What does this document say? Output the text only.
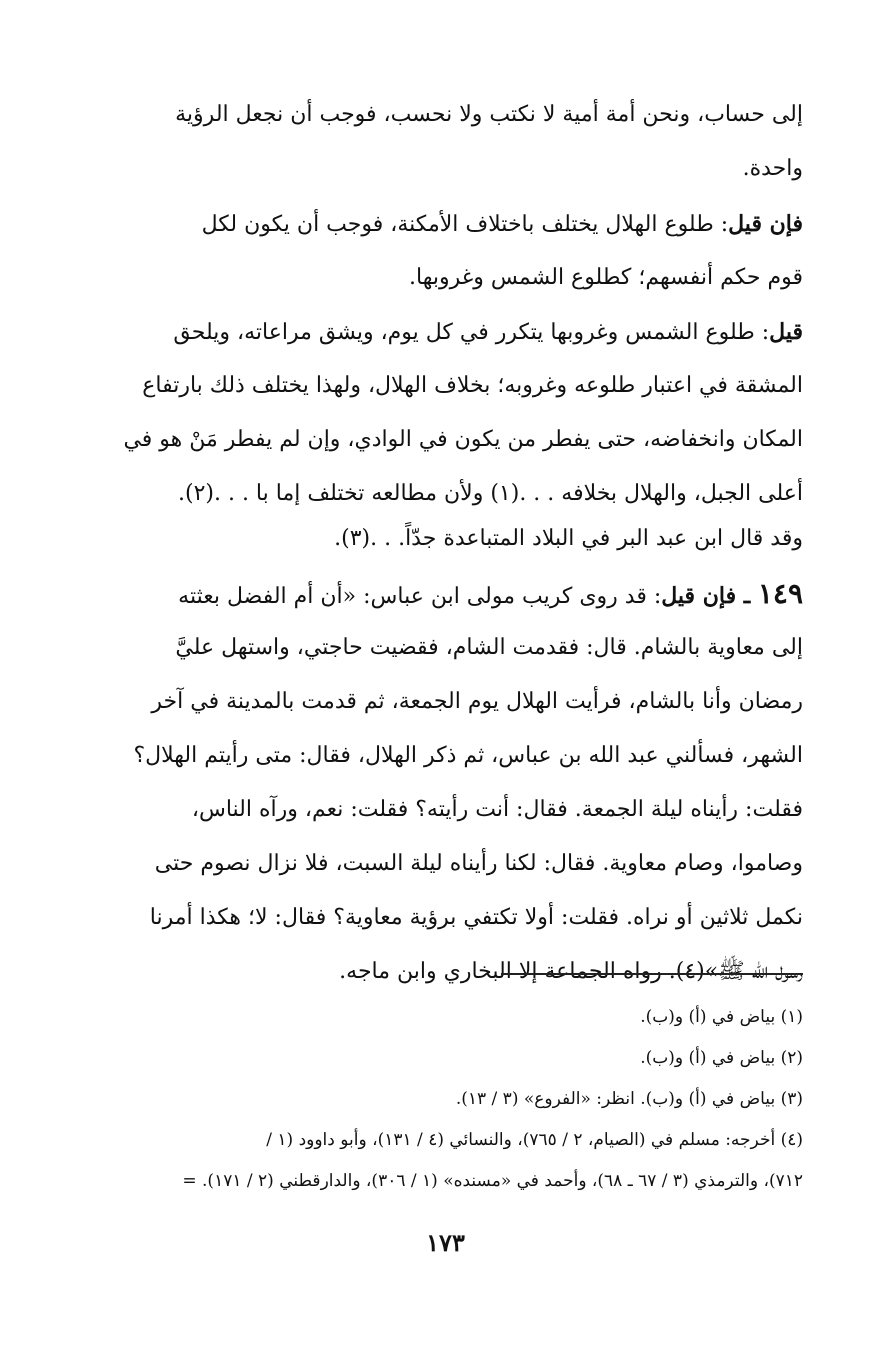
إلى حساب، ونحن أمة أمية لا نكتب ولا نحسب، فوجب أن نجعل الرؤية
واحدة.
فإن قيل: طلوع الهلال يختلف باختلاف الأمكنة، فوجب أن يكون لكل
قوم حكم أنفسهم؛ كطلوع الشمس وغروبها.
قيل: طلوع الشمس وغروبها يتكرر في كل يوم، ويشق مراعاته، ويلحق
المشقة في اعتبار طلوعه وغروبه؛ بخلاف الهلال، ولهذا يختلف ذلك بارتفاع
المكان وانخفاضه، حتى يفطر من يكون في الوادي، وإن لم يفطر مَنْ هو في
أعلى الجبل، والهلال بخلافه . . .(١) ولأن مطالعه تختلف إما با . . .(٢).
وقد قال ابن عبد البر في البلاد المتباعدة جدّاً. . .(٣).
١٤٩ ـ فإن قيل: قد روى كريب مولى ابن عباس: «أن أم الفضل بعثته
إلى معاوية بالشام. قال: فقدمت الشام، فقضيت حاجتي، واستهل عليَّ
رمضان وأنا بالشام، فرأيت الهلال يوم الجمعة، ثم قدمت بالمدينة في آخر
الشهر، فسألني عبد الله بن عباس، ثم ذكر الهلال، فقال: متى رأيتم الهلال؟
فقلت: رأيناه ليلة الجمعة. فقال: أنت رأيته؟ فقلت: نعم، ورآه الناس،
وصاموا، وصام معاوية. فقال: لكنا رأيناه ليلة السبت، فلا نزال نصوم حتى
نكمل ثلاثين أو نراه. فقلت: أولا تكتفي برؤية معاوية؟ فقال: لا؛ هكذا أمرنا
رسول الله ﷺ»(٤). رواه الجماعة إلا البخاري وابن ماجه.
(١) بياض في (أ) و(ب).
(٢) بياض في (أ) و(ب).
(٣) بياض في (أ) و(ب). انظر: «الفروع» (٣ / ١٣).
(٤) أخرجه: مسلم في (الصيام، ٢ / ٧٦٥)، والنسائي (٤ / ١٣١)، وأبو داوود (١ /
٧١٢)، والترمذي (٣ / ٦٧ ـ ٦٨)، وأحمد في «مسنده» (١ / ٣٠٦)، والدارقطني (٢ / ١٧١). =
١٧٣
